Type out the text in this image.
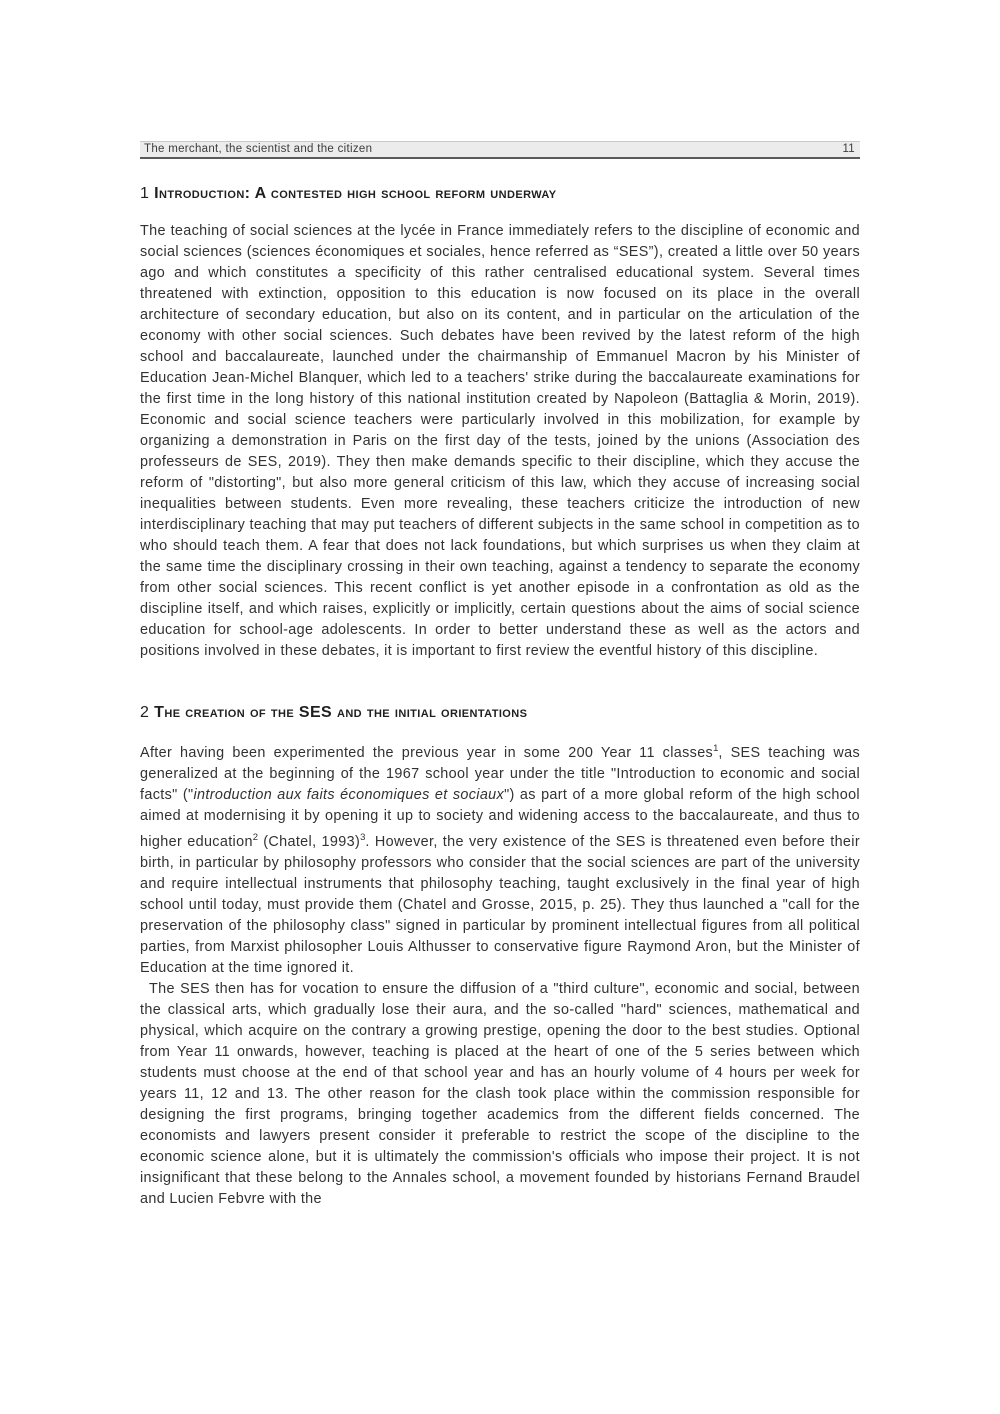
The merchant, the scientist and the citizen	11
1 Introduction: A contested high school reform underway

The teaching of social sciences at the lycée in France immediately refers to the discipline of economic and social sciences (sciences économiques et sociales, hence referred as “SES”), created a little over 50 years ago and which constitutes a specificity of this rather centralised educational system. Several times threatened with extinction, opposition to this education is now focused on its place in the overall architecture of secondary education, but also on its content, and in particular on the articulation of the economy with other social sciences. Such debates have been revived by the latest reform of the high school and baccalaureate, launched under the chairmanship of Emmanuel Macron by his Minister of Education Jean-Michel Blanquer, which led to a teachers' strike during the baccalaureate examinations for the first time in the long history of this national institution created by Napoleon (Battaglia & Morin, 2019). Economic and social science teachers were particularly involved in this mobilization, for example by organizing a demonstration in Paris on the first day of the tests, joined by the unions (Association des professeurs de SES, 2019). They then make demands specific to their discipline, which they accuse the reform of "distorting", but also more general criticism of this law, which they accuse of increasing social inequalities between students. Even more revealing, these teachers criticize the introduction of new interdisciplinary teaching that may put teachers of different subjects in the same school in competition as to who should teach them. A fear that does not lack foundations, but which surprises us when they claim at the same time the disciplinary crossing in their own teaching, against a tendency to separate the economy from other social sciences. This recent conflict is yet another episode in a confrontation as old as the discipline itself, and which raises, explicitly or implicitly, certain questions about the aims of social science education for school-age adolescents. In order to better understand these as well as the actors and positions involved in these debates, it is important to first review the eventful history of this discipline.

2 The creation of the SES and the initial orientations

After having been experimented the previous year in some 200 Year 11 classes$^1$, SES teaching was generalized at the beginning of the 1967 school year under the title "Introduction to economic and social facts" ("introduction aux faits économiques et sociaux") as part of a more global reform of the high school aimed at modernising it by opening it up to society and widening access to the baccalaureate, and thus to higher education$^2$ (Chatel, 1993)$^3$. However, the very existence of the SES is threatened even before their birth, in particular by philosophy professors who consider that the social sciences are part of the university and require intellectual instruments that philosophy teaching, taught exclusively in the final year of high school until today, must provide them (Chatel and Grosse, 2015, p. 25). They thus launched a "call for the preservation of the philosophy class" signed in particular by prominent intellectual figures from all political parties, from Marxist philosopher Louis Althusser to conservative figure Raymond Aron, but the Minister of Education at the time ignored it.

The SES then has for vocation to ensure the diffusion of a "third culture", economic and social, between the classical arts, which gradually lose their aura, and the so-called "hard" sciences, mathematical and physical, which acquire on the contrary a growing prestige, opening the door to the best studies. Optional from Year 11 onwards, however, teaching is placed at the heart of one of the 5 series between which students must choose at the end of that school year and has an hourly volume of 4 hours per week for years 11, 12 and 13. The other reason for the clash took place within the commission responsible for designing the first programs, bringing together academics from the different fields concerned. The economists and lawyers present consider it preferable to restrict the scope of the discipline to the economic science alone, but it is ultimately the commission's officials who impose their project. It is not insignificant that these belong to the Annales school, a movement founded by historians Fernand Braudel and Lucien Febvre with the
